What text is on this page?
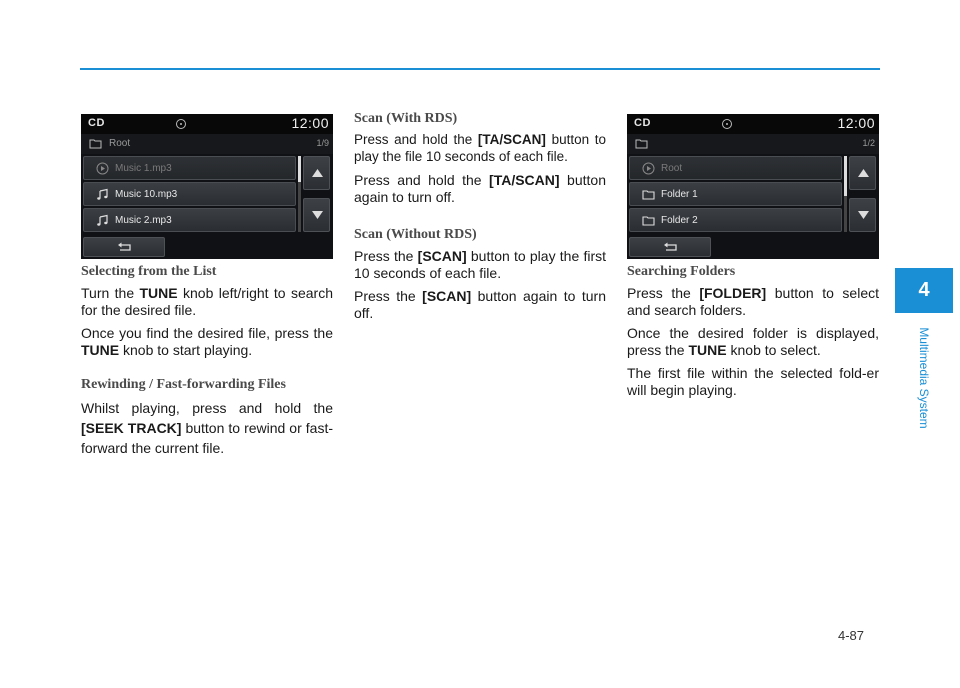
CD	12:00
Root	1/9
Music 1.mp3
Music 10.mp3
Music 2.mp3
Selecting from the List

Turn the TUNE knob left/right to search for the desired file.

Once you find the desired file, press the TUNE knob to start playing.

Rewinding / Fast-forwarding Files

Whilst playing, press and hold the [SEEK TRACK] button to rewind or fast-forward the current file.

Scan (With RDS)

Press and hold the [TA/SCAN] button to play the file 10 seconds of each file.

Press and hold the [TA/SCAN] button again to turn off.

Scan (Without RDS)

Press the [SCAN] button to play the first 10 seconds of each file.

Press the [SCAN] button again to turn off.

CD	12:00
1/2
Root
Folder 1
Folder 2
Searching Folders

Press the [FOLDER] button to select and search folders.

Once the desired folder is displayed, press the TUNE knob to select.

The first file within the selected fold-er will begin playing.

4
Multimedia System
4-87
